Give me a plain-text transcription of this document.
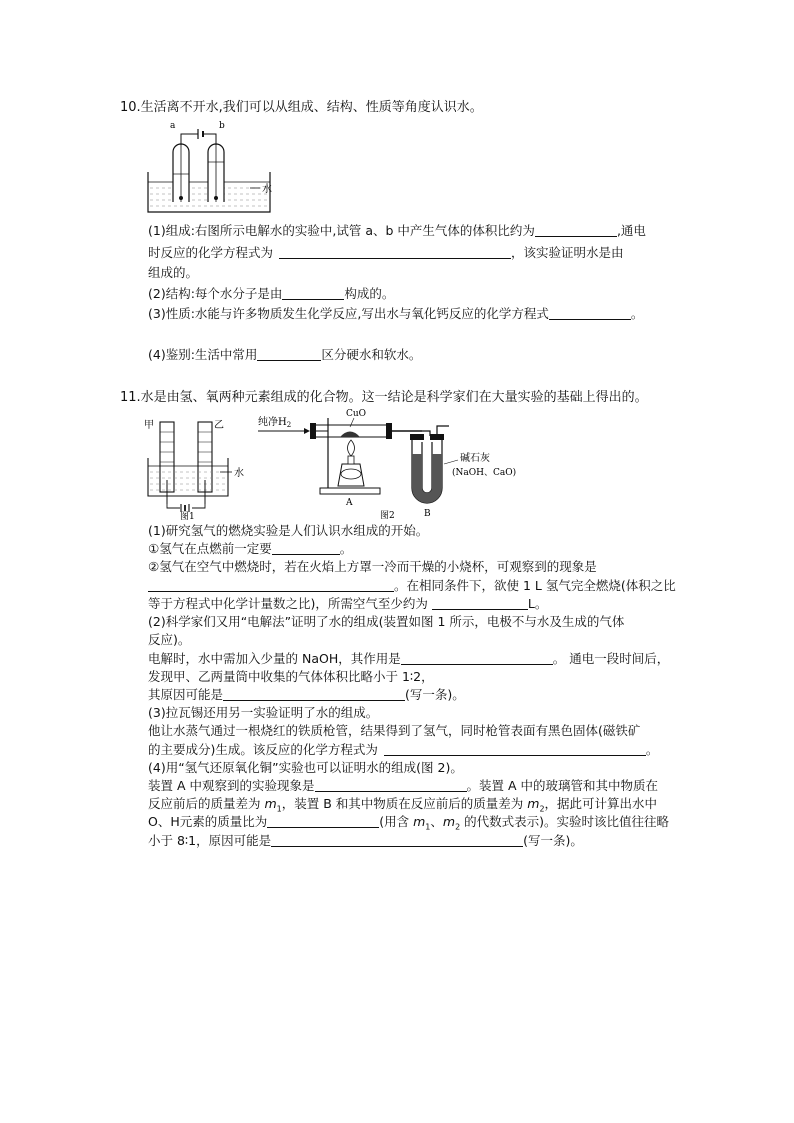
10.生活离不开水,我们可以从组成、结构、性质等角度认识水。
a	b
水
(1)组成:右图所示电解水的实验中,试管 a、b 中产生气体的体积比约为	,通电
时反应的化学方程式为	，该实验证明水是由
组成的。
(2)结构:每个水分子是由	构成的。
(3)性质:水能与许多物质发生化学反应,写出水与氧化钙反应的化学方程式	。
(4)鉴别:生活中常用	区分硬水和软水。
11.水是由氢、氧两种元素组成的化合物。这一结论是科学家们在大量实验的基础上得出的。
甲	乙
水
图1
纯净$H_2$
CuO
A
碱石灰
(NaOH、CaO)
B
图2
(1)研究氢气的燃烧实验是人们认识水组成的开始。
①氢气在点燃前一定要	。
②氢气在空气中燃烧时，若在火焰上方罩一冷而干燥的小烧杯，可观察到的现象是
。在相同条件下，欲使 1 L 氢气完全燃烧(体积之比
等于方程式中化学计量数之比)，所需空气至少约为	L。
(2)科学家们又用“电解法”证明了水的组成(装置如图 1 所示，电极不与水及生成的气体
反应)。
电解时，水中需加入少量的 NaOH，其作用是	。 通电一段时间后，
发现甲、乙两量筒中收集的气体体积比略小于 1∶2，
其原因可能是	(写一条)。
(3)拉瓦锡还用另一实验证明了水的组成。
他让水蒸气通过一根烧红的铁质枪管，结果得到了氢气，同时枪管表面有黑色固体(磁铁矿
的主要成分)生成。该反应的化学方程式为	。
(4)用“氢气还原氧化铜”实验也可以证明水的组成(图 2)。
装置 A 中观察到的实验现象是	。装置 A 中的玻璃管和其中物质在
反应前后的质量差为 $m_1$，装置 B 和其中物质在反应前后的质量差为 $m_2$，据此可计算出水中
O、H元素的质量比为	(用含 $m_1$、$m_2$ 的代数式表示)。实验时该比值往往略
小于 8∶1，原因可能是	(写一条)。
